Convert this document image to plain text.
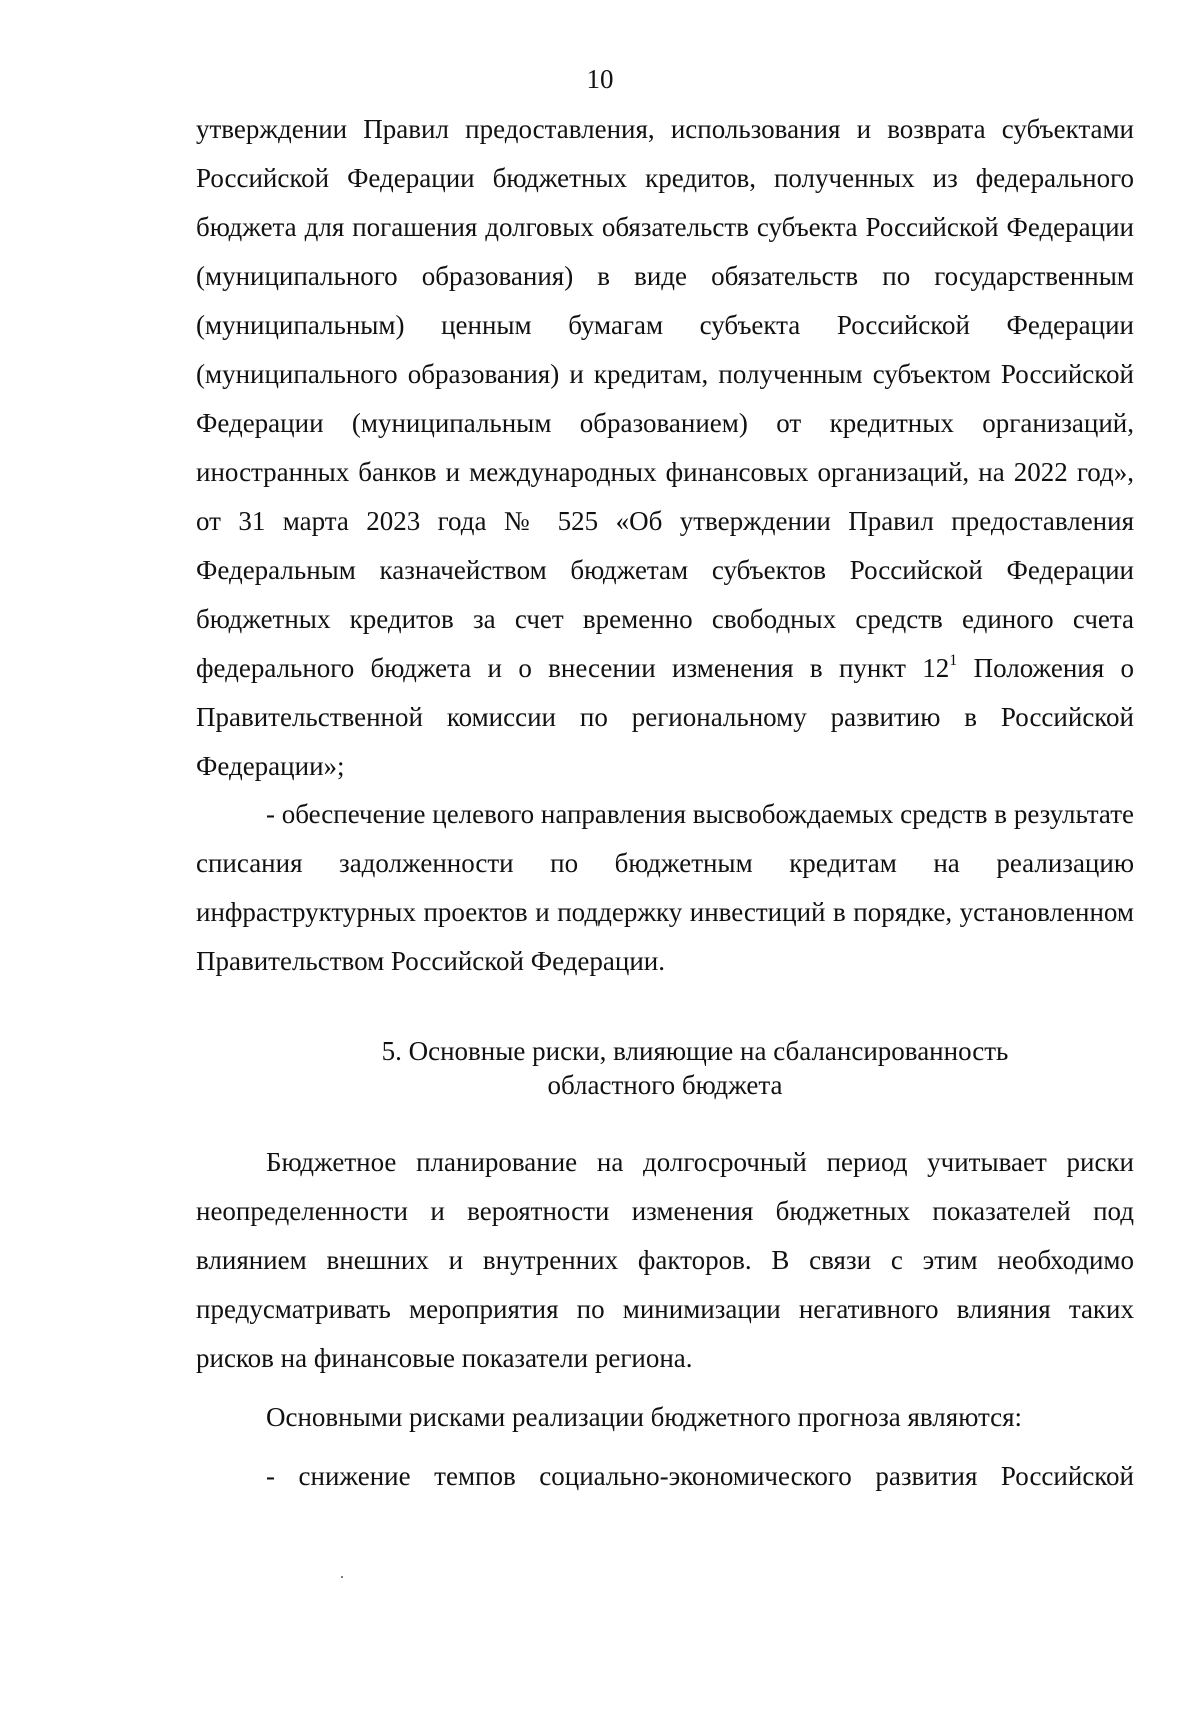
10

утверждении Правил предоставления, использования и возврата субъектами Российской Федерации бюджетных кредитов, полученных из федерального бюджета для погашения долговых обязательств субъекта Российской Федерации (муниципального образования) в виде обязательств по государственным (муниципальным) ценным бумагам субъекта Российской Федерации (муниципального образования) и кредитам, полученным субъектом Российской Федерации (муниципальным образованием) от кредитных организаций, иностранных банков и международных финансовых организаций, на 2022 год», от 31 марта 2023 года № 525 «Об утверждении Правил предоставления Федеральным казначейством бюджетам субъектов Российской Федерации бюджетных кредитов за счет временно свободных средств единого счета федерального бюджета и о внесении изменения в пункт $12^1$ Положения о Правительственной комиссии по региональному развитию в Российской Федерации»;

- обеспечение целевого направления высвобождаемых средств в результате списания задолженности по бюджетным кредитам на реализацию инфраструктурных проектов и поддержку инвестиций в порядке, установленном Правительством Российской Федерации.

5. Основные риски, влияющие на сбалансированность
областного бюджета

Бюджетное планирование на долгосрочный период учитывает риски неопределенности и вероятности изменения бюджетных показателей под влиянием внешних и внутренних факторов. В связи с этим необходимо предусматривать мероприятия по минимизации негативного влияния таких рисков на финансовые показатели региона.

Основными рисками реализации бюджетного прогноза являются:

- снижение темпов социально-экономического развития Российской
